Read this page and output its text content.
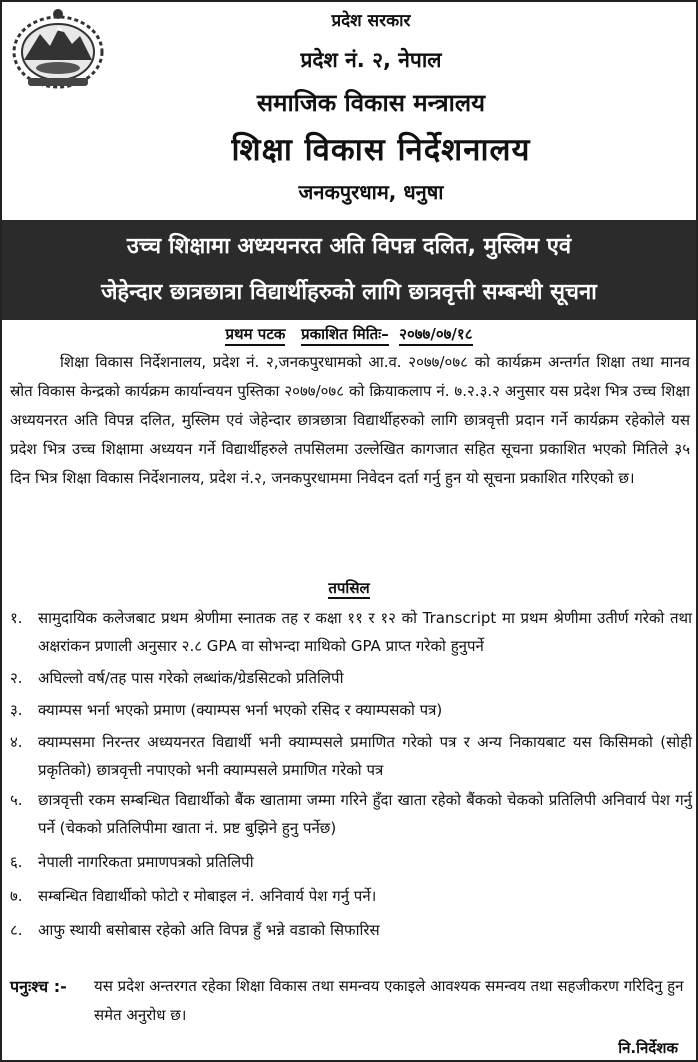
प्रदेश सरकार
प्रदेश नं. २, नेपाल
समाजिक विकास मन्त्रालय
शिक्षा विकास निर्देशनालय
जनकपुरधाम, धनुषा
उच्च शिक्षामा अध्ययनरत अति विपन्न दलित, मुस्लिम एवं
जेहेन्दार छात्रछात्रा विद्यार्थीहरुको लागि छात्रवृत्ती सम्बन्धी सूचना
प्रथम पटक प्रकाशित मितिः– २०७७/०७/१८
शिक्षा विकास निर्देशनालय, प्रदेश नं. २,जनकपुरधामको आ.व. २०७७/०७८ को कार्यक्रम अन्तर्गत शिक्षा तथा मानव स्रोत विकास केन्द्रको कार्यक्रम कार्यान्वयन पुस्तिका २०७७/०७८ को क्रियाकलाप नं. ७.२.३.२ अनुसार यस प्रदेश भित्र उच्च शिक्षा अध्ययनरत अति विपन्न दलित, मुस्लिम एवं जेहेन्दार छात्रछात्रा विद्यार्थीहरुको लागि छात्रवृत्ती प्रदान गर्ने कार्यक्रम रहेकोले यस प्रदेश भित्र उच्च शिक्षामा अध्ययन गर्ने विद्यार्थीहरुले तपसिलमा उल्लेखित कागजात सहित सूचना प्रकाशित भएको मितिले ३५ दिन भित्र शिक्षा विकास निर्देशनालय, प्रदेश नं.२, जनकपुरधाममा निवेदन दर्ता गर्नु हुन यो सूचना प्रकाशित गरिएको छ।
तपसिल
१.	सामुदायिक कलेजबाट प्रथम श्रेणीमा स्नातक तह र कक्षा ११ र १२ को Transcript मा प्रथम श्रेणीमा उतीर्ण गरेको तथा अक्षरांकन प्रणाली अनुसार २.८ GPA वा सोभन्दा माथिको GPA प्राप्त गरेको हुनुपर्ने
२.	अघिल्लो वर्ष/तह पास गरेको लब्धांक/ग्रेडसिटको प्रतिलिपी
३.	क्याम्पस भर्ना भएको प्रमाण (क्याम्पस भर्ना भएको रसिद र क्याम्पसको पत्र)
४.	क्याम्पसमा निरन्तर अध्ययनरत विद्यार्थी भनी क्याम्पसले प्रमाणित गरेको पत्र र अन्य निकायबाट यस किसिमको (सोही प्रकृतिको) छात्रवृत्ती नपाएको भनी क्याम्पसले प्रमाणित गरेको पत्र
५.	छात्रवृत्ती रकम सम्बन्धित विद्यार्थीको बैंक खातामा जम्मा गरिने हुँदा खाता रहेको बैंकको चेकको प्रतिलिपी अनिवार्य पेश गर्नु पर्ने (चेकको प्रतिलिपीमा खाता नं. प्रष्ट बुझिने हुनु पर्नेछ)
६.	नेपाली नागरिकता प्रमाणपत्रको प्रतिलिपी
७.	सम्बन्धित विद्यार्थीको फोटो र मोबाइल नं. अनिवार्य पेश गर्नु पर्ने।
८.	आफु स्थायी बसोबास रहेको अति विपन्न हुँ भन्ने वडाको सिफारिस
पनुःश्च :-	यस प्रदेश अन्तरगत रहेका शिक्षा विकास तथा समन्वय एकाइले आवश्यक समन्वय तथा सहजीकरण गरिदिनु हुन समेत अनुरोध छ।
नि.निर्देशक
